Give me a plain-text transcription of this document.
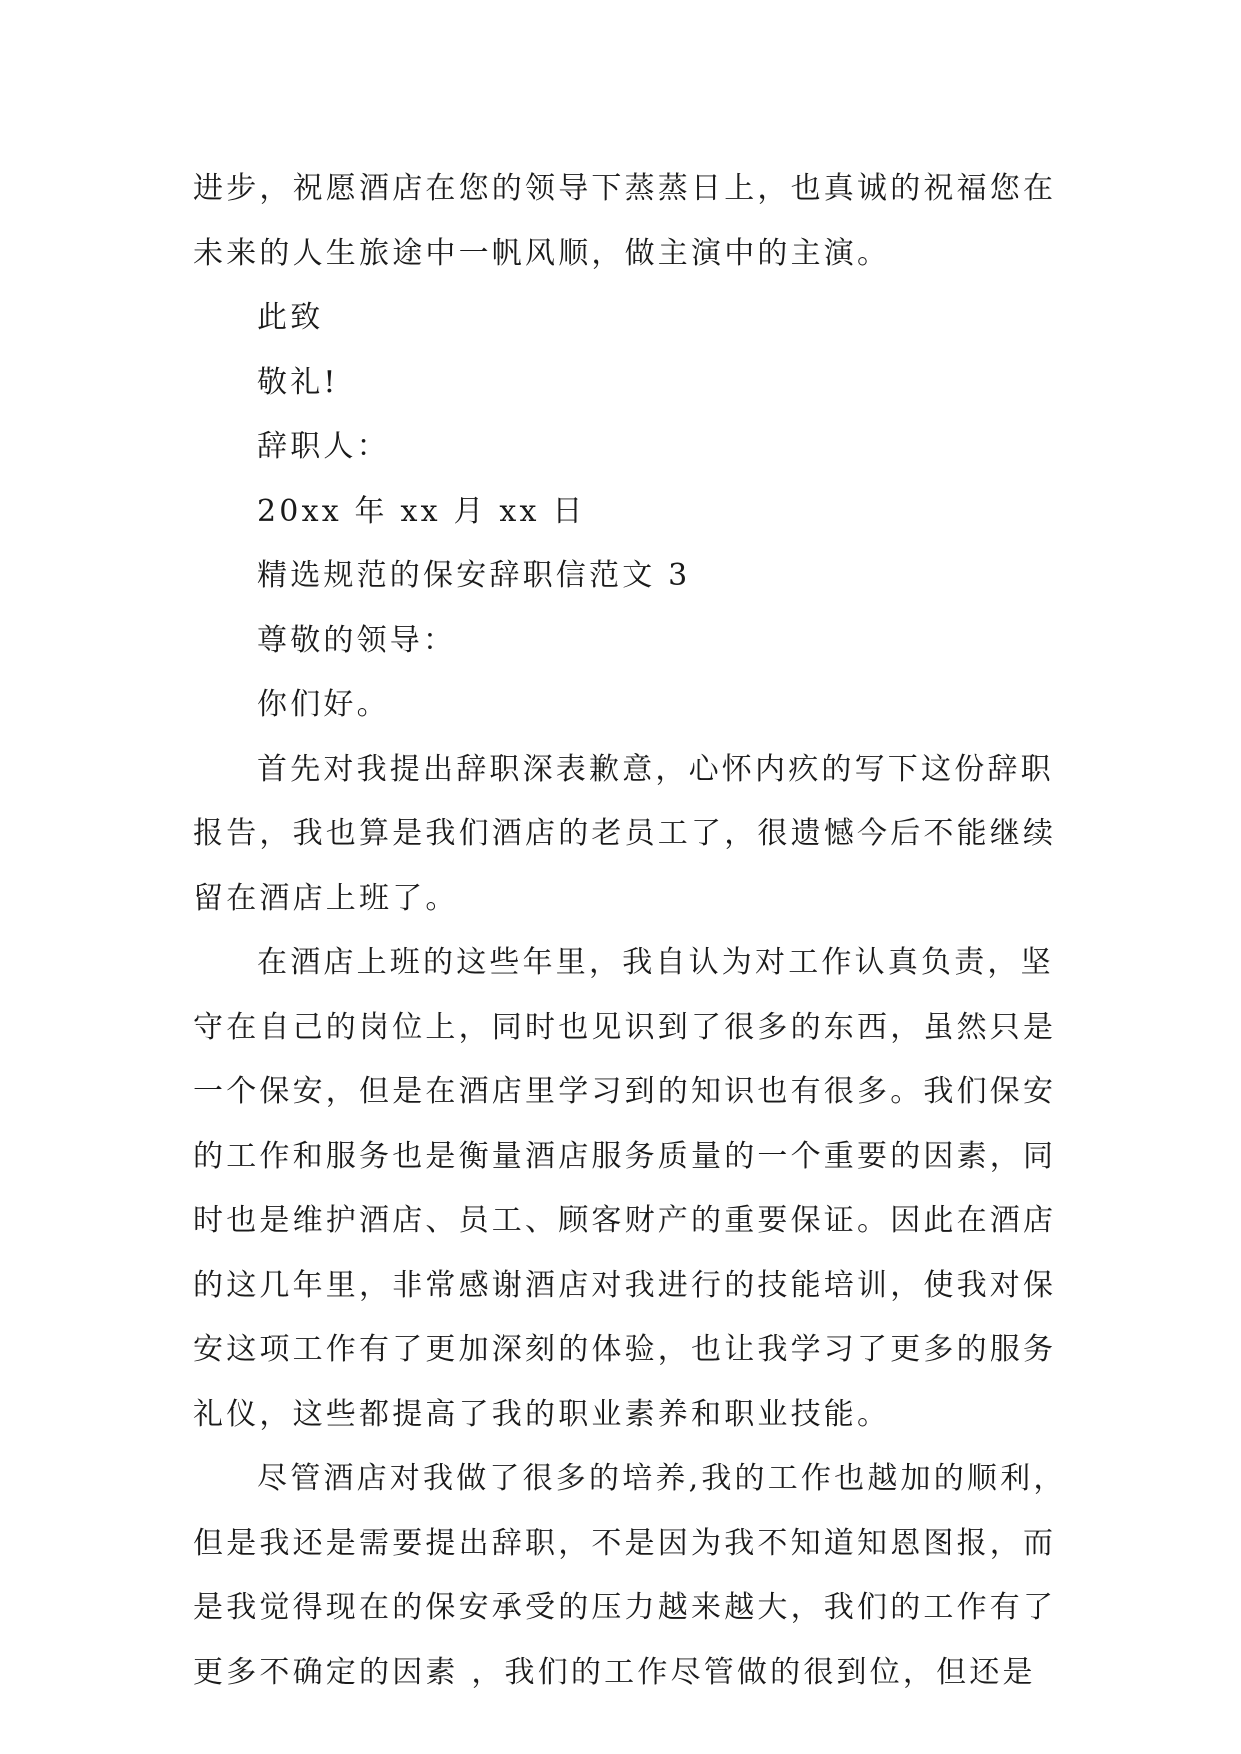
进步，祝愿酒店在您的领导下蒸蒸日上，也真诚的祝福您在
未来的人生旅途中一帆风顺，做主演中的主演。
此致
敬礼!
辞职人：
20xx 年 xx 月 xx 日
精选规范的保安辞职信范文 3
尊敬的领导：
你们好。
首先对我提出辞职深表歉意，心怀内疚的写下这份辞职
报告，我也算是我们酒店的老员工了，很遗憾今后不能继续
留在酒店上班了。
在酒店上班的这些年里，我自认为对工作认真负责，坚
守在自己的岗位上，同时也见识到了很多的东西，虽然只是
一个保安，但是在酒店里学习到的知识也有很多。我们保安
的工作和服务也是衡量酒店服务质量的一个重要的因素，同
时也是维护酒店、员工、顾客财产的重要保证。因此在酒店
的这几年里，非常感谢酒店对我进行的技能培训，使我对保
安这项工作有了更加深刻的体验，也让我学习了更多的服务
礼仪，这些都提高了我的职业素养和职业技能。
尽管酒店对我做了很多的培养,我的工作也越加的顺利，
但是我还是需要提出辞职，不是因为我不知道知恩图报，而
是我觉得现在的保安承受的压力越来越大，我们的工作有了
更多不确定的因素 ，我们的工作尽管做的很到位，但还是
